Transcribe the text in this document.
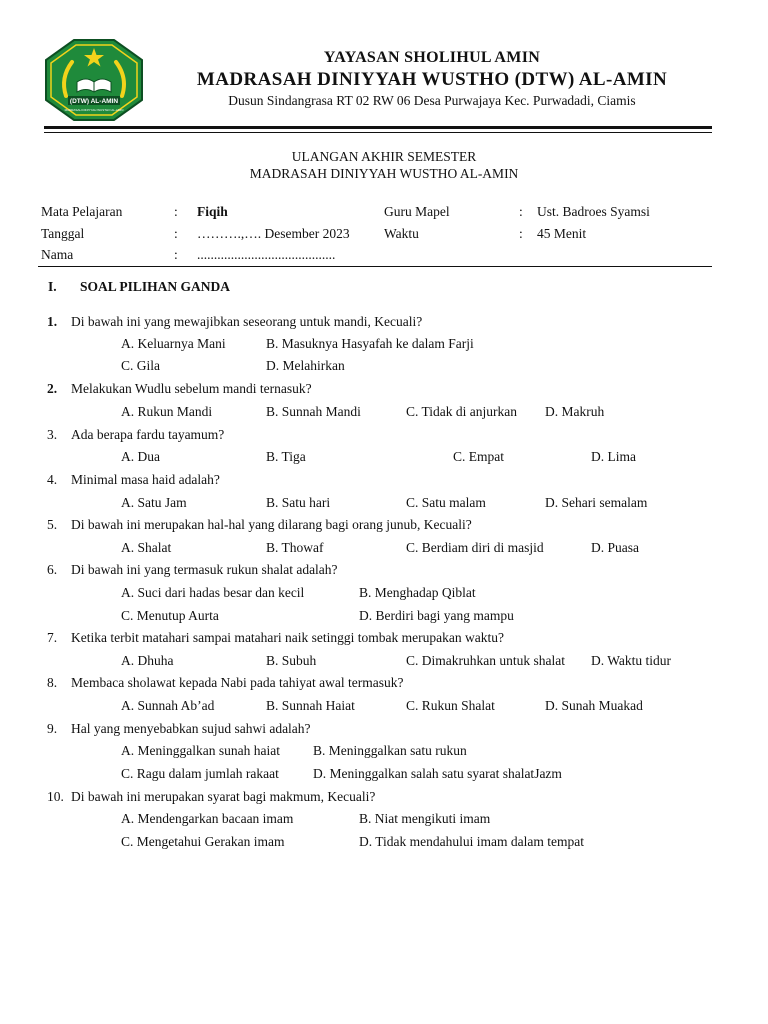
(DTW) AL-AMIN
MADRASAH DINIYYAH WUSTHO AL-AMIN
YAYASAN SHOLIHUL AMIN
MADRASAH DINIYYAH WUSTHO (DTW) AL-AMIN
Dusun Sindangrasa RT 02 RW 06 Desa Purwajaya Kec. Purwadadi, Ciamis
ULANGAN AKHIR SEMESTER
MADRASAH DINIYYAH WUSTHO AL-AMIN
Mata Pelajaran	: Fiqih	Guru Mapel	: Ust. Badroes Syamsi
Tanggal	: ……….,…. Desember 2023	Waktu	: 45 Menit
Nama	: .........................................
I. SOAL PILIHAN GANDA
1. Di bawah ini yang mewajibkan seseorang untuk mandi, Kecuali?
A. Keluarnya Mani	B. Masuknya Hasyafah ke dalam Farji
C. Gila	D. Melahirkan
2. Melakukan Wudlu sebelum mandi ternasuk?
A. Rukun Mandi	B. Sunnah Mandi	C. Tidak di anjurkan D. Makruh
3. Ada berapa fardu tayamum?
A. Dua	B. Tiga	C. Empat	D. Lima
4. Minimal masa haid adalah?
A. Satu Jam	B. Satu hari	C. Satu malam	D. Sehari semalam
5. Di bawah ini merupakan hal-hal yang dilarang bagi orang junub, Kecuali?
A. Shalat	B. Thowaf	C. Berdiam diri di masjid	D. Puasa
6. Di bawah ini yang termasuk rukun shalat adalah?
A. Suci dari hadas besar dan kecil	B. Menghadap Qiblat
C. Menutup Aurta	D. Berdiri bagi yang mampu
7. Ketika terbit matahari sampai matahari naik setinggi tombak merupakan waktu?
A. Dhuha	B. Subuh	C. Dimakruhkan untuk shalat D. Waktu tidur
8. Membaca sholawat kepada Nabi pada tahiyat awal termasuk?
A. Sunnah Ab’ad	B. Sunnah Haiat	C. Rukun Shalat	D. Sunah Muakad
9. Hal yang menyebabkan sujud sahwi adalah?
A. Meninggalkan sunah haiat B. Meninggalkan satu rukun
C. Ragu dalam jumlah rakaat	D. Meninggalkan salah satu syarat shalatJazm
10. Di bawah ini merupakan syarat bagi makmum, Kecuali?
A. Mendengarkan bacaan imam	B. Niat mengikuti imam
C. Mengetahui Gerakan imam	D. Tidak mendahului imam dalam tempat
